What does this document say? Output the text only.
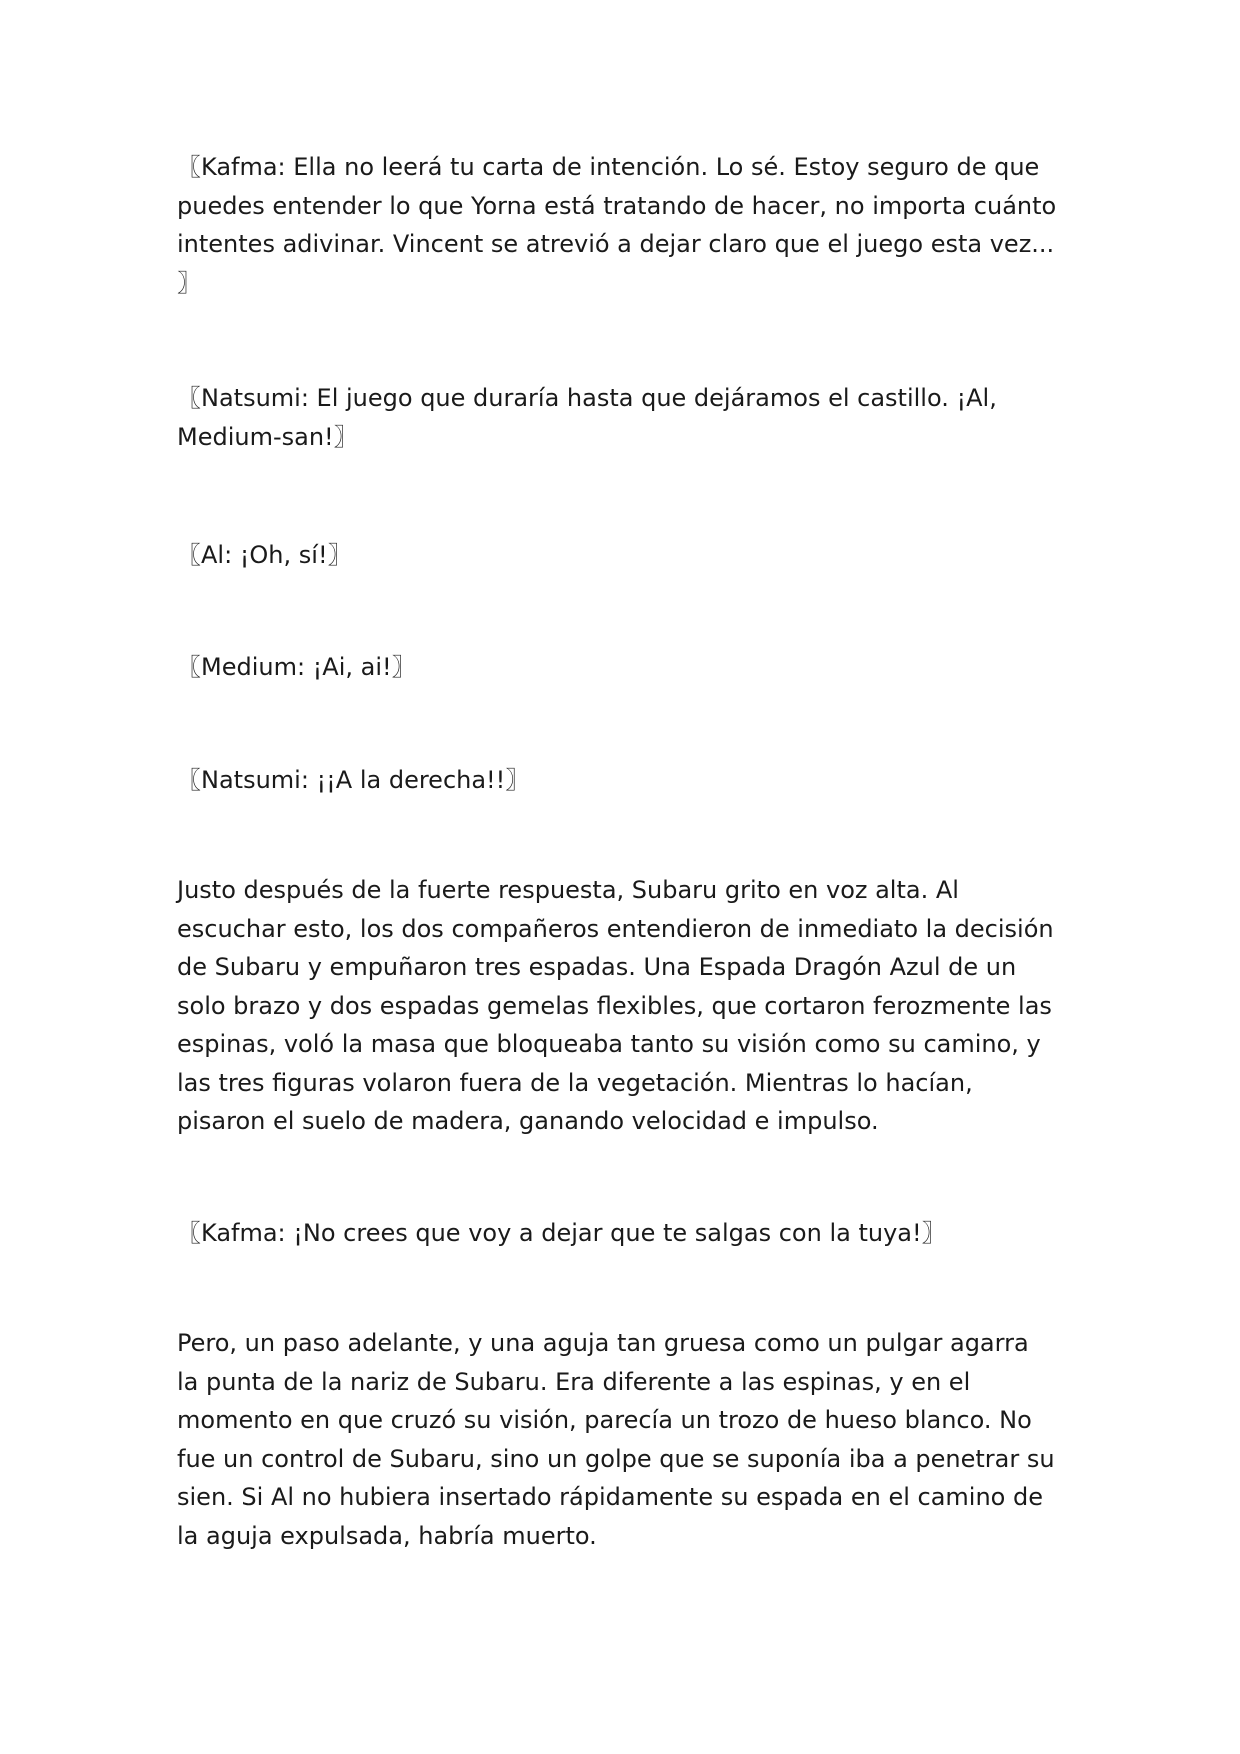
〖Kafma: Ella no leerá tu carta de intención. Lo sé. Estoy seguro de que puedes entender lo que Yorna está tratando de hacer, no importa cuánto intentes adivinar. Vincent se atrevió a dejar claro que el juego esta vez...
〗

〖Natsumi: El juego que duraría hasta que dejáramos el castillo. ¡Al, Medium-san!〗

〖Al: ¡Oh, sí!〗

〖Medium: ¡Ai, ai!〗

〖Natsumi: ¡¡A la derecha!!〗

Justo después de la fuerte respuesta, Subaru grito en voz alta. Al escuchar esto, los dos compañeros entendieron de inmediato la decisión de Subaru y empuñaron tres espadas. Una Espada Dragón Azul de un solo brazo y dos espadas gemelas flexibles, que cortaron ferozmente las espinas, voló la masa que bloqueaba tanto su visión como su camino, y las tres figuras volaron fuera de la vegetación. Mientras lo hacían, pisaron el suelo de madera, ganando velocidad e impulso.

〖Kafma: ¡No crees que voy a dejar que te salgas con la tuya!〗

Pero, un paso adelante, y una aguja tan gruesa como un pulgar agarra la punta de la nariz de Subaru. Era diferente a las espinas, y en el momento en que cruzó su visión, parecía un trozo de hueso blanco. No fue un control de Subaru, sino un golpe que se suponía iba a penetrar su sien. Si Al no hubiera insertado rápidamente su espada en el camino de la aguja expulsada, habría muerto.
